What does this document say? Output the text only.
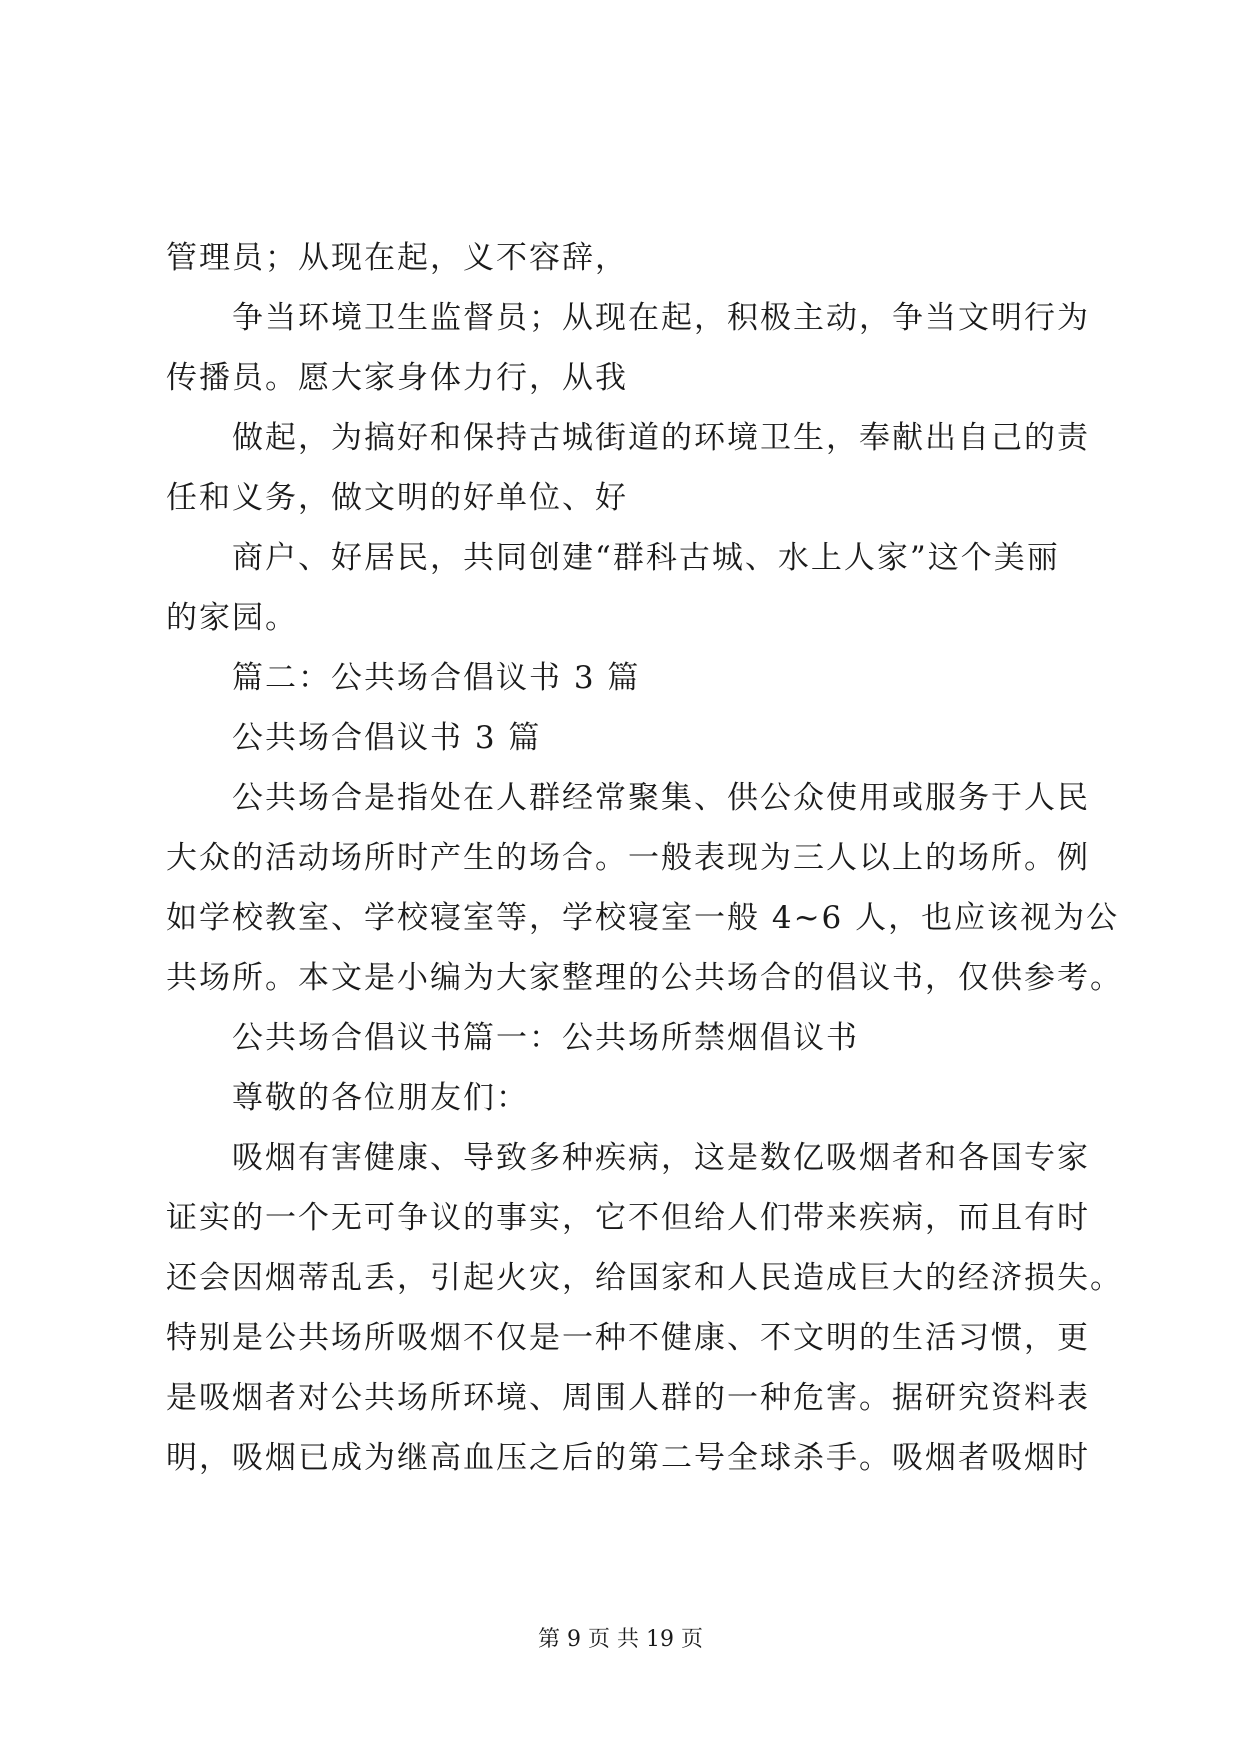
管理员；从现在起，义不容辞，
争当环境卫生监督员；从现在起，积极主动，争当文明行为
传播员。愿大家身体力行，从我
做起，为搞好和保持古城街道的环境卫生，奉献出自己的责
任和义务，做文明的好单位、好
商户、好居民，共同创建“群科古城、水上人家”这个美丽
的家园。
篇二：公共场合倡议书 3 篇
公共场合倡议书 3 篇
公共场合是指处在人群经常聚集、供公众使用或服务于人民
大众的活动场所时产生的场合。一般表现为三人以上的场所。例
如学校教室、学校寝室等，学校寝室一般 4~6 人，也应该视为公
共场所。本文是小编为大家整理的公共场合的倡议书，仅供参考。
公共场合倡议书篇一：公共场所禁烟倡议书
尊敬的各位朋友们：
吸烟有害健康、导致多种疾病，这是数亿吸烟者和各国专家
证实的一个无可争议的事实，它不但给人们带来疾病，而且有时
还会因烟蒂乱丢，引起火灾，给国家和人民造成巨大的经济损失。
特别是公共场所吸烟不仅是一种不健康、不文明的生活习惯，更
是吸烟者对公共场所环境、周围人群的一种危害。据研究资料表
明，吸烟已成为继高血压之后的第二号全球杀手。吸烟者吸烟时
第 9 页 共 19 页
